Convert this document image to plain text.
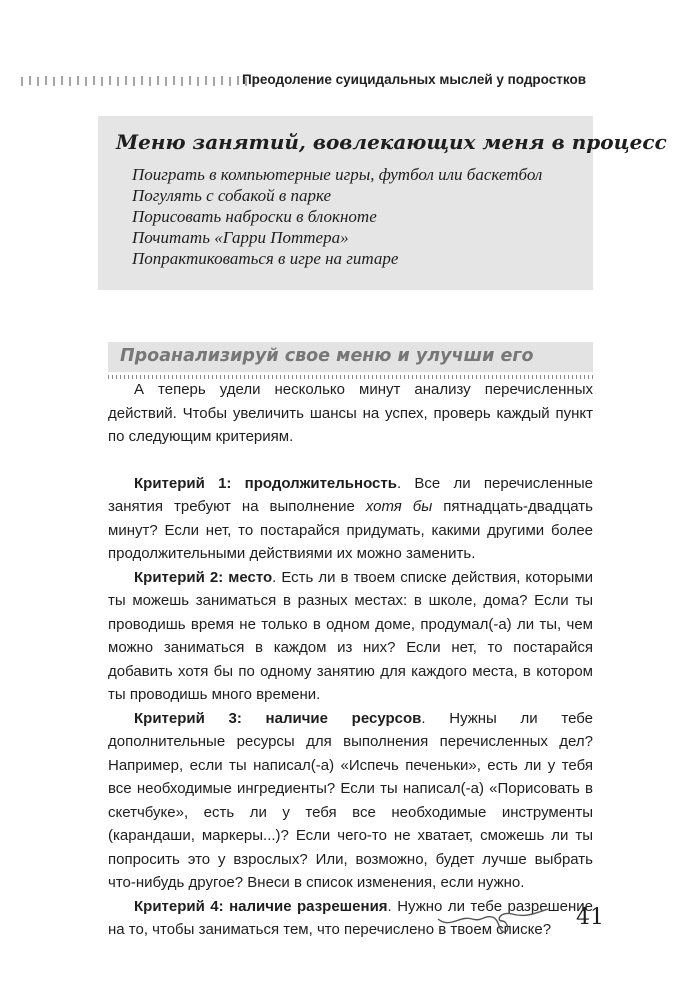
Преодоление суицидальных мыслей у подростков
Меню занятий, вовлекающих меня в процесс
Поиграть в компьютерные игры, футбол или баскетбол
Погулять с собакой в парке
Порисовать наброски в блокноте
Почитать «Гарри Поттера»
Попрактиковаться в игре на гитаре
Проанализируй свое меню и улучши его

А теперь удели несколько минут анализу перечисленных действий. Чтобы увеличить шансы на успех, проверь каждый пункт по следующим критериям.

Критерий 1: продолжительность. Все ли перечисленные занятия требуют на выполнение хотя бы пятнадцать-двадцать минут? Если нет, то постарайся придумать, какими другими более продолжительными действиями их можно заменить.

Критерий 2: место. Есть ли в твоем списке действия, которыми ты можешь заниматься в разных местах: в школе, дома? Если ты проводишь время не только в одном доме, продумал(-а) ли ты, чем можно заниматься в каждом из них? Если нет, то постарайся добавить хотя бы по одному занятию для каждого места, в котором ты проводишь много времени.

Критерий 3: наличие ресурсов. Нужны ли тебе дополнительные ресурсы для выполнения перечисленных дел? Например, если ты написал(-а) «Испечь печеньки», есть ли у тебя все необходимые ингредиенты? Если ты написал(-а) «Порисовать в скетчбуке», есть ли у тебя все необходимые инструменты (карандаши, маркеры...)? Если чего-то не хватает, сможешь ли ты попросить это у взрослых? Или, возможно, будет лучше выбрать что-нибудь другое? Внеси в список изменения, если нужно.

Критерий 4: наличие разрешения. Нужно ли тебе разрешение на то, чтобы заниматься тем, что перечислено в твоем списке?	41
